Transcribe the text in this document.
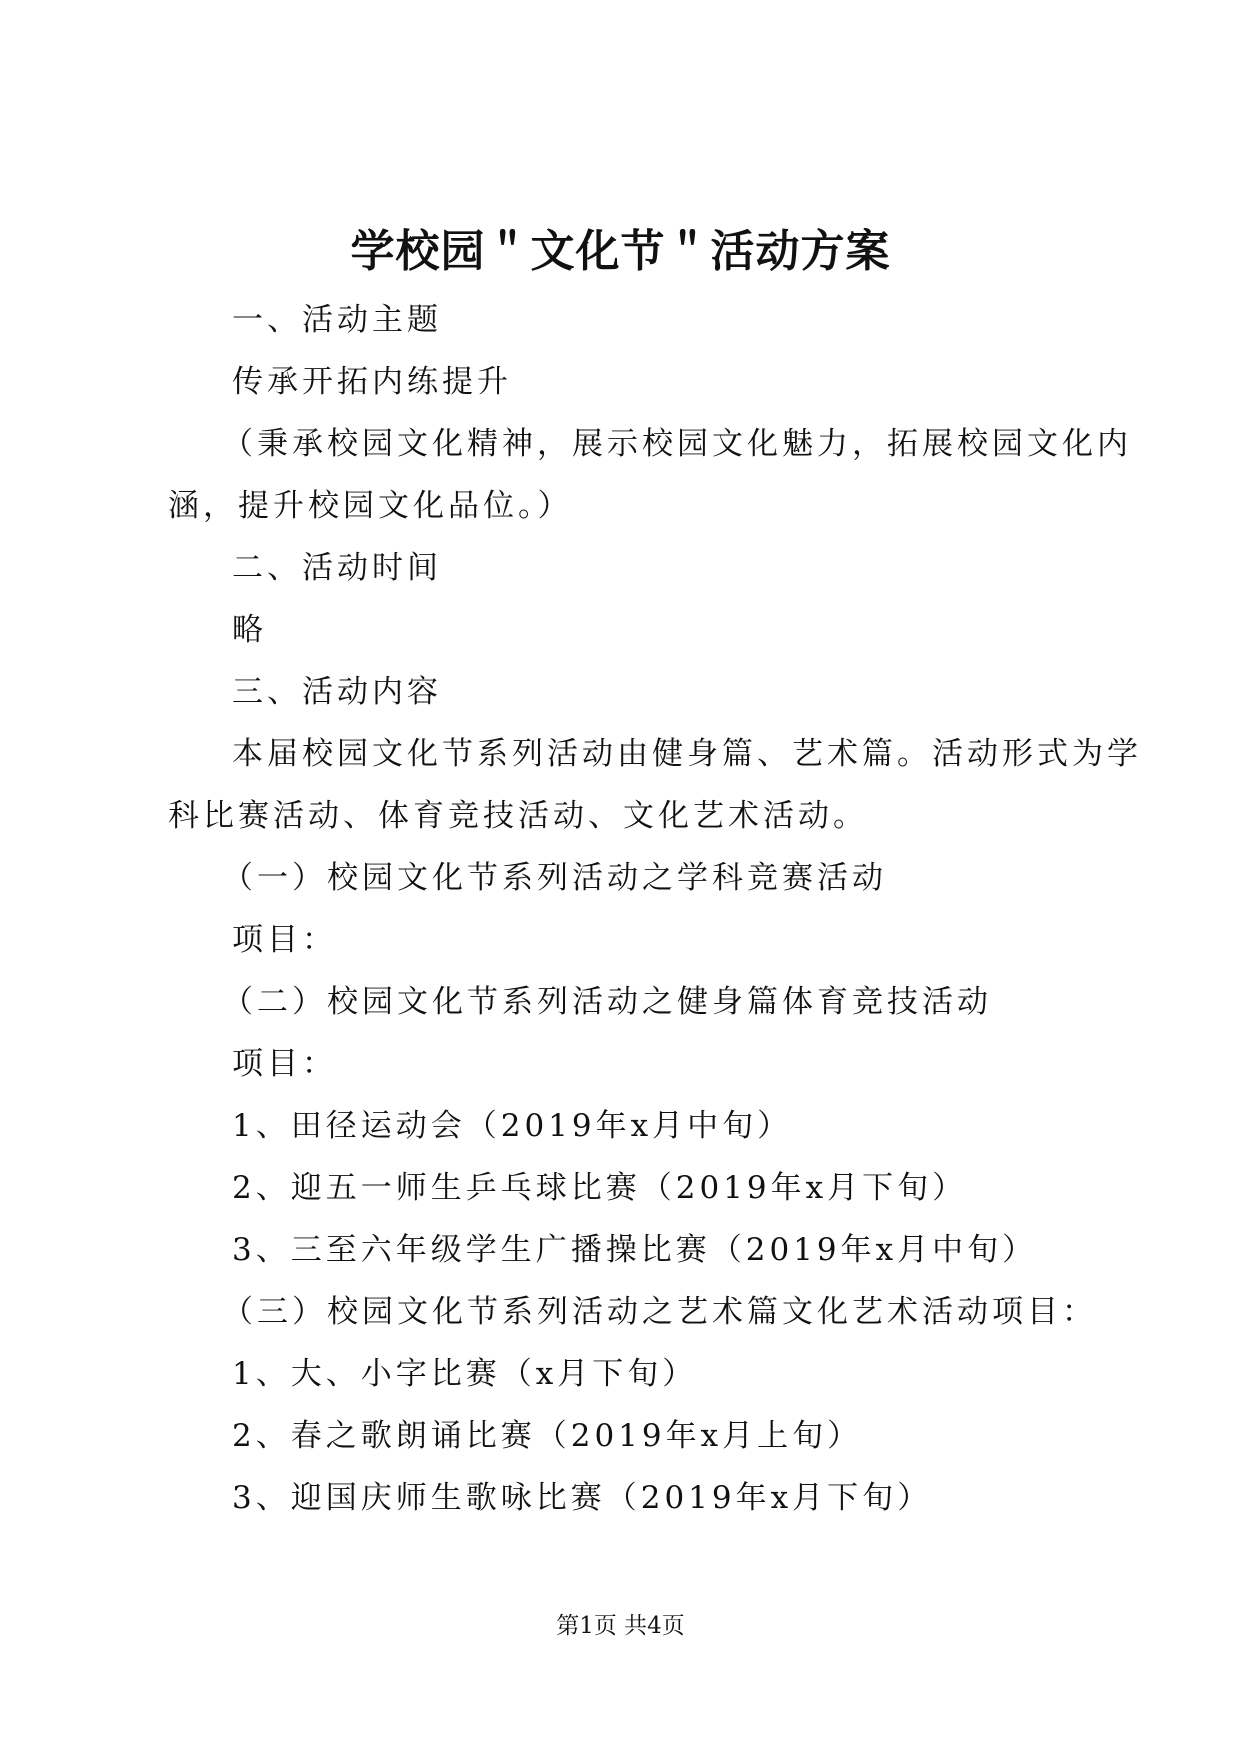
学校园＂文化节＂活动方案
一、活动主题
传承开拓内练提升
（秉承校园文化精神，展示校园文化魅力，拓展校园文化内
涵，提升校园文化品位。）
二、活动时间
略
三、活动内容
本届校园文化节系列活动由健身篇、艺术篇。活动形式为学
科比赛活动、体育竞技活动、文化艺术活动。
（一）校园文化节系列活动之学科竞赛活动
项目：
（二）校园文化节系列活动之健身篇体育竞技活动
项目：
1、田径运动会（2019年x月中旬）
2、迎五一师生乒乓球比赛（2019年x月下旬）
3、三至六年级学生广播操比赛（2019年x月中旬）
（三）校园文化节系列活动之艺术篇文化艺术活动项目：
1、大、小字比赛（x月下旬）
2、春之歌朗诵比赛（2019年x月上旬）
3、迎国庆师生歌咏比赛（2019年x月下旬）
第1页 共4页
